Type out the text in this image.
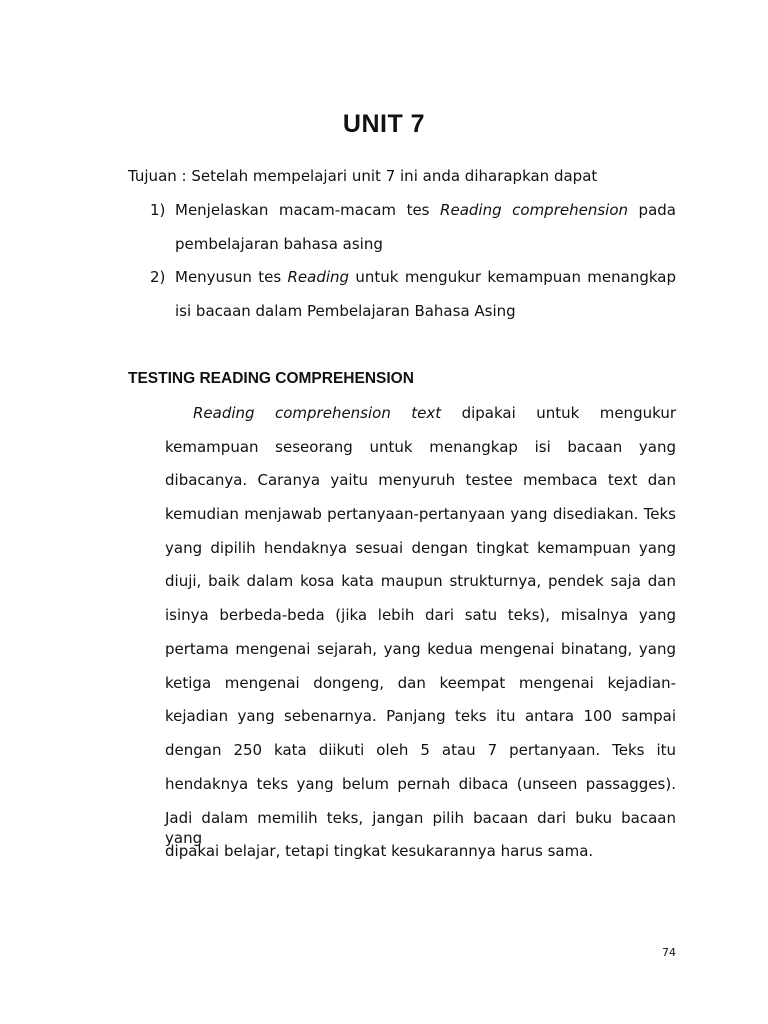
UNIT 7
Tujuan : Setelah mempelajari unit 7 ini anda diharapkan dapat
1) Menjelaskan macam-macam tes Reading comprehension pada
pembelajaran bahasa asing
2) Menyusun tes Reading untuk mengukur kemampuan menangkap
isi bacaan dalam Pembelajaran Bahasa Asing
TESTING READING COMPREHENSION
Reading comprehension text dipakai untuk mengukur
kemampuan seseorang untuk menangkap isi bacaan yang
dibacanya. Caranya yaitu menyuruh testee membaca text dan
kemudian menjawab pertanyaan-pertanyaan yang disediakan. Teks
yang dipilih hendaknya sesuai dengan tingkat kemampuan yang
diuji, baik dalam kosa kata maupun strukturnya, pendek saja dan
isinya berbeda-beda (jika lebih dari satu teks), misalnya yang
pertama mengenai sejarah, yang kedua mengenai binatang, yang
ketiga mengenai dongeng, dan keempat mengenai kejadian-
kejadian yang sebenarnya. Panjang teks itu antara 100 sampai
dengan 250 kata diikuti oleh 5 atau 7 pertanyaan. Teks itu
hendaknya teks yang belum pernah dibaca (unseen passagges).
Jadi dalam memilih teks, jangan pilih bacaan dari buku bacaan yang
dipakai belajar, tetapi tingkat kesukarannya harus sama.
74
